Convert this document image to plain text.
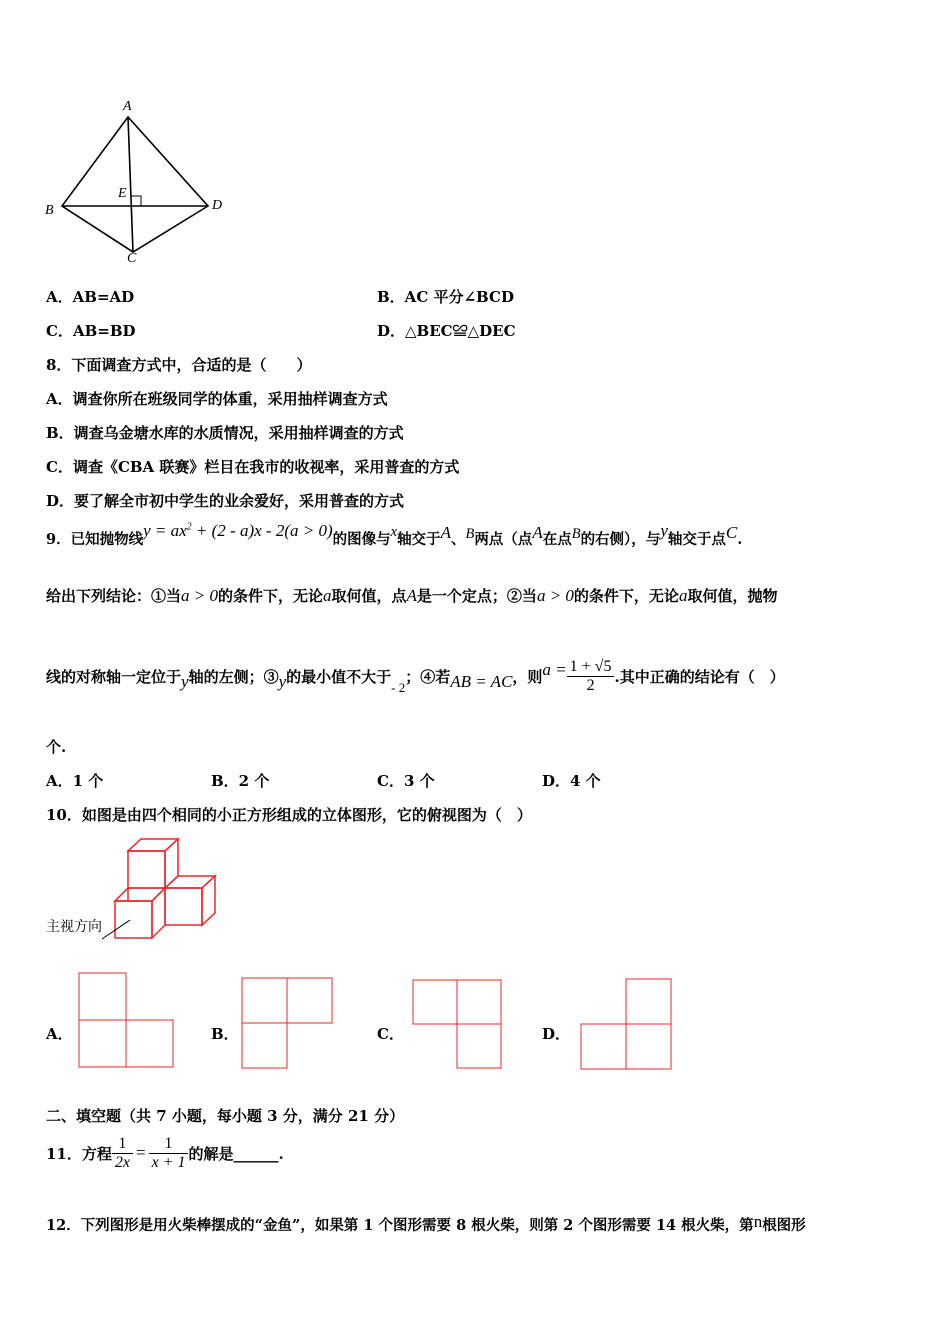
A
B
C
D
E
A．AB=AD	B．AC 平分∠BCD
C．AB=BD	D．△BEC≌△DEC
8．下面调查方式中，合适的是（　　）
A．调查你所在班级同学的体重，采用抽样调查方式
B．调查乌金塘水库的水质情况，采用抽样调查的方式
C．调查《CBA 联赛》栏目在我市的收视率，采用普查的方式
D．要了解全市初中学生的业余爱好，采用普查的方式
9．已知抛物线$y = ax^2 + (2 - a)x - 2(a > 0)$的图像与x轴交于A、B两点（点A在点B的右侧），与y轴交于点C.
给出下列结论：①当a > 0的条件下，无论a取何值，点A是一个定点；②当a > 0的条件下，无论a取何值，抛物
线的对称轴一定位于 y 轴的左侧；③ y 的最小值不大于
- 2
；④若 AB = AC ，则 $a = \frac{1 + √5}{2}$ .其中正确的结论有（　）
个.
A．1 个	B．2 个	C．3 个	D．4 个
10．如图是由四个相同的小正方形组成的立体图形，它的俯视图为（　）
主视方向
A．	B．	C．	D．
二、填空题（共 7 小题，每小题 3 分，满分 21 分）
11．方程 $\frac{1}{2x} = \frac{1}{x + 1}$ 的解是______.
12．下列图形是用火柴棒摆成的“金鱼”，如果第 1 个图形需要 8 根火柴，则第 2 个图形需要 14 根火柴，第n根图形
